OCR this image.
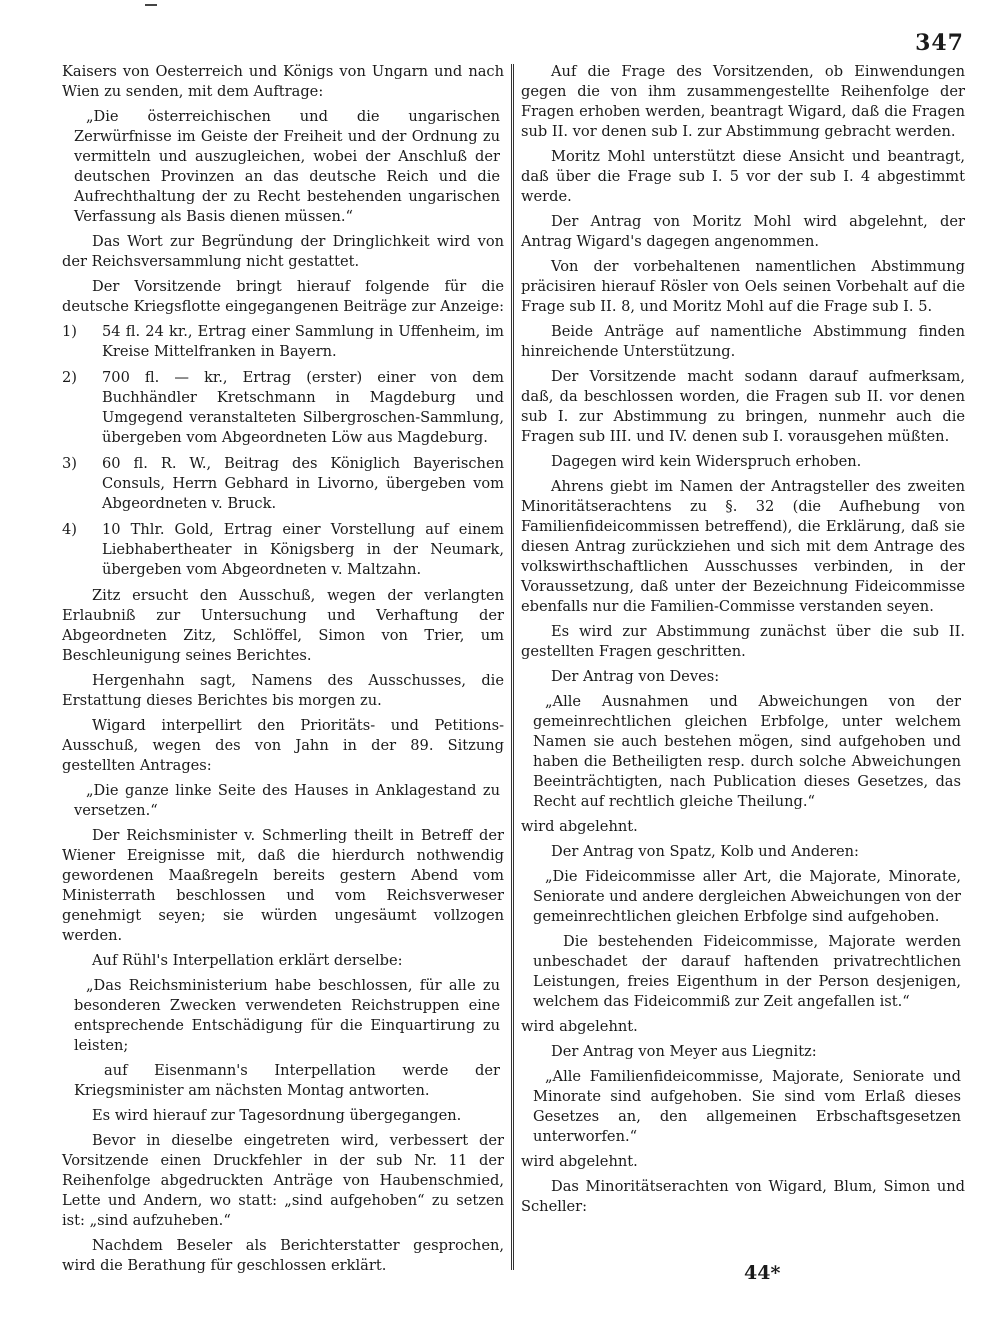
347

Kaisers von Oesterreich und Königs von Ungarn und nach Wien zu senden, mit dem Auftrage:

„Die österreichischen und die ungarischen Zerwürfnisse im Geiste der Freiheit und der Ordnung zu vermitteln und auszugleichen, wobei der Anschluß der deutschen Provinzen an das deutsche Reich und die Aufrechthaltung der zu Recht bestehenden ungarischen Verfassung als Basis dienen müssen.“

Das Wort zur Begründung der Dringlichkeit wird von der Reichsversammlung nicht gestattet.

Der Vorsitzende bringt hierauf folgende für die deutsche Kriegsflotte eingegangenen Beiträge zur Anzeige:

1)	54 fl. 24 kr., Ertrag einer Sammlung in Uffenheim, im Kreise Mittelfranken in Bayern.
2)	700 fl. — kr., Ertrag (erster) einer von dem Buchhändler Kretschmann in Magdeburg und Umgegend veranstalteten Silbergroschen-Sammlung, übergeben vom Abgeordneten Löw aus Magdeburg.
3)	60 fl. R. W., Beitrag des Königlich Bayerischen Consuls, Herrn Gebhard in Livorno, übergeben vom Abgeordneten v. Bruck.
4)	10 Thlr. Gold, Ertrag einer Vorstellung auf einem Liebhabertheater in Königsberg in der Neumark, übergeben vom Abgeordneten v. Maltzahn.

Zitz ersucht den Ausschuß, wegen der verlangten Erlaubniß zur Untersuchung und Verhaftung der Abgeordneten Zitz, Schlöffel, Simon von Trier, um Beschleunigung seines Berichtes.

Hergenhahn sagt, Namens des Ausschusses, die Erstattung dieses Berichtes bis morgen zu.

Wigard interpellirt den Prioritäts- und Petitions-Ausschuß, wegen des von Jahn in der 89. Sitzung gestellten Antrages:

„Die ganze linke Seite des Hauses in Anklagestand zu versetzen.“

Der Reichsminister v. Schmerling theilt in Betreff der Wiener Ereignisse mit, daß die hierdurch nothwendig gewordenen Maaßregeln bereits gestern Abend vom Ministerrath beschlossen und vom Reichsverweser genehmigt seyen; sie würden ungesäumt vollzogen werden.

Auf Rühl's Interpellation erklärt derselbe:

„Das Reichsministerium habe beschlossen, für alle zu besonderen Zwecken verwendeten Reichstruppen eine entsprechende Entschädigung für die Einquartirung zu leisten;

auf Eisenmann's Interpellation werde der Kriegsminister am nächsten Montag antworten.

Es wird hierauf zur Tagesordnung übergegangen.

Bevor in dieselbe eingetreten wird, verbessert der Vorsitzende einen Druckfehler in der sub Nr. 11 der Reihenfolge abgedruckten Anträge von Haubenschmied, Lette und Andern, wo statt: „sind aufgehoben“ zu setzen ist: „sind aufzuheben.“

Nachdem Beseler als Berichterstatter gesprochen, wird die Berathung für geschlossen erklärt.

Auf die Frage des Vorsitzenden, ob Einwendungen gegen die von ihm zusammengestellte Reihenfolge der Fragen erhoben werden, beantragt Wigard, daß die Fragen sub II. vor denen sub I. zur Abstimmung gebracht werden.

Moritz Mohl unterstützt diese Ansicht und beantragt, daß über die Frage sub I. 5 vor der sub I. 4 abgestimmt werde.

Der Antrag von Moritz Mohl wird abgelehnt, der Antrag Wigard's dagegen angenommen.

Von der vorbehaltenen namentlichen Abstimmung präcisiren hierauf Rösler von Oels seinen Vorbehalt auf die Frage sub II. 8, und Moritz Mohl auf die Frage sub I. 5.

Beide Anträge auf namentliche Abstimmung finden hinreichende Unterstützung.

Der Vorsitzende macht sodann darauf aufmerksam, daß, da beschlossen worden, die Fragen sub II. vor denen sub I. zur Abstimmung zu bringen, nunmehr auch die Fragen sub III. und IV. denen sub I. vorausgehen müßten.

Dagegen wird kein Widerspruch erhoben.

Ahrens giebt im Namen der Antragsteller des zweiten Minoritätserachtens zu §. 32 (die Aufhebung von Familienfideicommissen betreffend), die Erklärung, daß sie diesen Antrag zurückziehen und sich mit dem Antrage des volkswirthschaftlichen Ausschusses verbinden, in der Voraussetzung, daß unter der Bezeichnung Fideicommisse ebenfalls nur die Familien-Commisse verstanden seyen.

Es wird zur Abstimmung zunächst über die sub II. gestellten Fragen geschritten.

Der Antrag von Deves:

„Alle Ausnahmen und Abweichungen von der gemeinrechtlichen gleichen Erbfolge, unter welchem Namen sie auch bestehen mögen, sind aufgehoben und haben die Betheiligten resp. durch solche Abweichungen Beeinträchtigten, nach Publication dieses Gesetzes, das Recht auf rechtlich gleiche Theilung.“

wird abgelehnt.

Der Antrag von Spatz, Kolb und Anderen:

„Die Fideicommisse aller Art, die Majorate, Minorate, Seniorate und andere dergleichen Abweichungen von der gemeinrechtlichen gleichen Erbfolge sind aufgehoben.

Die bestehenden Fideicommisse, Majorate werden unbeschadet der darauf haftenden privatrechtlichen Leistungen, freies Eigenthum in der Person desjenigen, welchem das Fideicommiß zur Zeit angefallen ist.“

wird abgelehnt.

Der Antrag von Meyer aus Liegnitz:

„Alle Familienfideicommisse, Majorate, Seniorate und Minorate sind aufgehoben. Sie sind vom Erlaß dieses Gesetzes an, den allgemeinen Erbschaftsgesetzen unterworfen.“

wird abgelehnt.

Das Minoritätserachten von Wigard, Blum, Simon und Scheller:

44*
